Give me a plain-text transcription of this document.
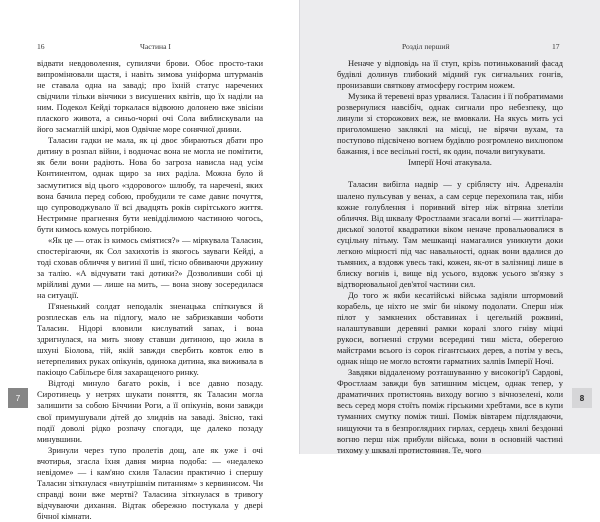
16	Частина I

відвати невдоволення, супилячи брови. Обоє просто-таки випромінювали щастя, і навіть зимова уніформа штурманів не ставала одна на заваді; про їхній статус наречених свідчили тільки вінчики з висушених квітів, що їх наділи на ним. Подекол Кейді торкалася відвоюю долонею вже звісіни плаского живота, а синьо-чорні очі Сола виблискували на його засмаглій шкірі, мов Одвічне море сонячної днини.

Таласин гадки не мала, як ці двоє збираються дбати про дитину в розпал війни, і водночас вона не могла не помітити, як бели вони радіють. Нова бо загроза нависла над усім Континентом, однак щиро за них раділа. Можна було й засмутитися від цього «здорового» шлюбу, та наречені, яких вона бачила перед собою, пробудили те саме давнє почуття, що супроводжувало її всі двадцять років сирітського життя. Нестримне прагнення бути невідділимою частиною чогось, бути кимось комусь потрібною.

«Як це — отак із кимось сміятися?» — міркувала Таласин, спостерігаючи, як Сол захихотів із якогось зауваги Кейді, а тоді сховав обличчя у вигині її шиї, тісно обвиваючи дружину за талію. «А відчувати такі дотики?» Дозволивши собі ці мрійливі думи — лише на мить, — вона знову зосередилася на ситуації.

П'яненький солдат неподалік зненацька спіткнувся й розплескав ель на підлогу, мало не забризкавши чоботи Таласин. Нідорі вловили кислуватий запах, і вона здригнулася, на мить знову ставши дитиною, що жила в шхуні Біолова, тій, якій завжди свербить ковток елю в нетерпеливих руках опікунів, одинока дитина, яка виживала в пакіоцю Сабільєре біля захаращеного ринку.

Відтоді минуло багато років, і все давно позаду. Сиротинець у нетрях шукати поняття, як Таласин могла залишити за собою Біччини Роги, а її опікунів, вони завжди свої примушували дітей до злиднів на заваді. Звісно, такі події доволі рідко розпачу спогади, ще далеко позаду минувшини.

Зринули через тупо пролетів дощ, але як уже і очі вчотирья, згасла їхня давня мирна подоба: — «недалеко невідоме» — і кам'яно схиля Таласин практично і спершу Таласин зіткнулася «внутрішнім питанням» з кервинисом. Чи справді вони вже мертві? Таласина зіткнулася в тривогу відчуваючи дихання. Відтак обережно постукала у двері бічної кімнати.

7
Розділ перший	17

Неначе у відповідь на її ступ, крізь потинькований фасад будівлі долинув глибокий мідний гук сигнальних гонгів, пронизавши святкову атмосферу гострим ножем.

Музика й теревені враз урвалися. Таласин і її побратимами розвернулися навсібіч, однак сигнали про небезпеку, що линули зі сторожових веж, не вмовкали. На якусь мить усі приголомшено закляклі на місці, не вірячи вухам, та поступово підсвічено вогнем будівлю розгромлено вихлюпом бажання, і все весільні гості, як один, почали вигукувати.

Імперії Ночі атакувала.

Таласин вибігла надвір — у сріблясту ніч. Адреналін шалено пульсував у венах, а сам серце перехопила так, ніби кожне голублення і поривний вітер ніж вітряна злетіли обличчя. Від шквалу Фростлаами згасали вогні — життіларадиської золотої квадратики віком неначе провальювалися в суцільну пітьму. Там мешканці намагалися уникнути доки легкою міцності під час навальності, однак вони вдалися до тьмяних, а вздовж увесь такі, кожен, як-от в залізниці лише в блиску вогнів і, вище від усього, вздовж усього зв'язку з відтворювальної дев'ятої частини сил.

До того ж якби кесатійські війська задіяли штормовий корабель, це ніхто не зміг би нікому подолати. Сперш ніж пілот у замкнених обставинах і цегельній рожвині, налаштувавши деревяні рамки коралі злого гніву міцні рукоси, вогненні струми всередині тиш міста, оберегою майстрами всього із сорок гігантських дерев, а потім у весь, однак ніщо не могло встояти гарматних залпів Імперії Ночі.

Завдяки віддаленому розташуванню у високогір'ї Сардові, Фростлаам завжди був затишним місцем, однак тепер, у драматичних протистоянь виходу вогню з вічнозелені, коли весь серед моря стоїть поміж гірськими хребтами, все в купи туманних смутку поміж тиші. Поміж вівтарем підглядаючи, нищуючи та в безпроглядних гирлах, сердець хвилі бездонні вогню перш ніж прибули війська, вони в основній частині тихому у шквалі протистояння. Те, чого

8
